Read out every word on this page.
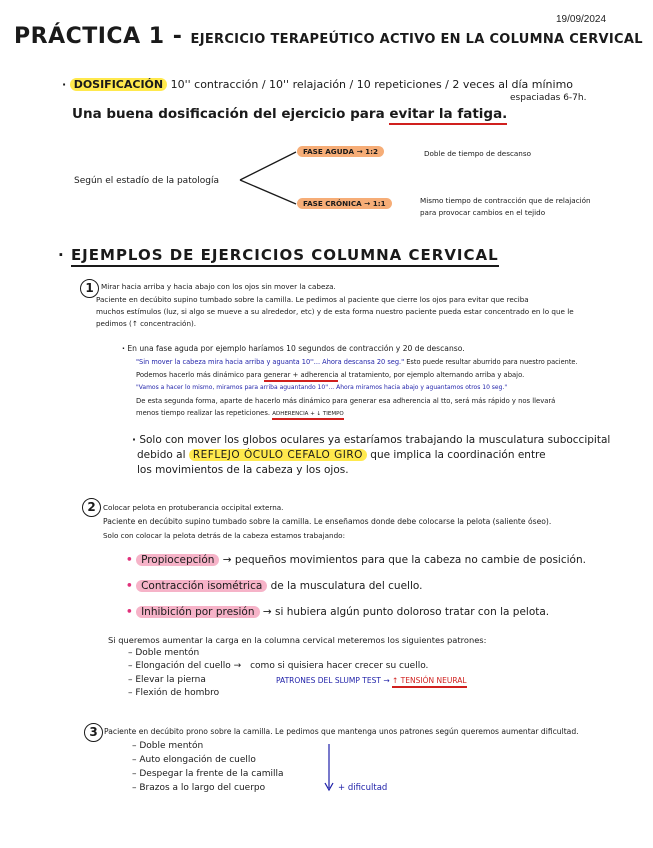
19/09/2024
PRÁCTICA 1 - EJERCICIO TERAPEÚTICO ACTIVO EN LA COLUMNA CERVICAL
· DOSIFICACIÓN 10'' contracción / 10'' relajación / 10 repeticiones / 2 veces al día mínimo
espaciadas 6-7h.
Una buena dosificación del ejercicio para evitar la fatiga.
Según el estadío de la patología
FASE AGUDA → 1:2	Doble de tiempo de descanso
FASE CRÓNICA → 1:1	Mismo tiempo de contracción que de relajación
para provocar cambios en el tejido
· EJEMPLOS DE EJERCICIOS COLUMNA CERVICAL
1	Mirar hacia arriba y hacia abajo con los ojos sin mover la cabeza.
Paciente en decúbito supino tumbado sobre la camilla. Le pedimos al paciente que cierre los ojos para evitar que reciba
muchos estímulos (luz, si algo se mueve a su alrededor, etc) y de esta forma nuestro paciente pueda estar concentrado en lo que le
pedimos (↑ concentración).
· En una fase aguda por ejemplo haríamos 10 segundos de contracción y 20 de descanso.
"Sin mover la cabeza mira hacia arriba y aguanta 10''... Ahora descansa 20 seg." Esto puede resultar aburrido para nuestro paciente.
Podemos hacerlo más dinámico para generar + adherencia al tratamiento, por ejemplo alternando arriba y abajo.
"Vamos a hacer lo mismo, miramos para arriba aguantando 10''... Ahora miramos hacia abajo y aguantamos otros 10 seg."
De esta segunda forma, aparte de hacerlo más dinámico para generar esa adherencia al tto, será más rápido y nos llevará
menos tiempo realizar las repeticiones. ADHERENCIA + ↓ TIEMPO
· Solo con mover los globos oculares ya estaríamos trabajando la musculatura suboccipital
debido al REFLEJO ÓCULO CEFALO GIRO que implica la coordinación entre
los movimientos de la cabeza y los ojos.
2	Colocar pelota en protuberancia occipital externa.
Paciente en decúbito supino tumbado sobre la camilla. Le enseñamos donde debe colocarse la pelota (saliente óseo).
Solo con colocar la pelota detrás de la cabeza estamos trabajando:
• Propiocepción → pequeños movimientos para que la cabeza no cambie de posición.
• Contracción isométrica de la musculatura del cuello.
• Inhibición por presión → si hubiera algún punto doloroso tratar con la pelota.
Si queremos aumentar la carga en la columna cervical meteremos los siguientes patrones:
– Doble mentón
– Elongación del cuello → como si quisiera hacer crecer su cuello.
– Elevar la pierna	PATRONES DEL SLUMP TEST → ↑ TENSIÓN NEURAL
– Flexión de hombro
3 Paciente en decúbito prono sobre la camilla. Le pedimos que mantenga unos patrones según queremos aumentar dificultad.
– Doble mentón
– Auto elongación de cuello
– Despegar la frente de la camilla
– Brazos a lo largo del cuerpo	+ dificultad
